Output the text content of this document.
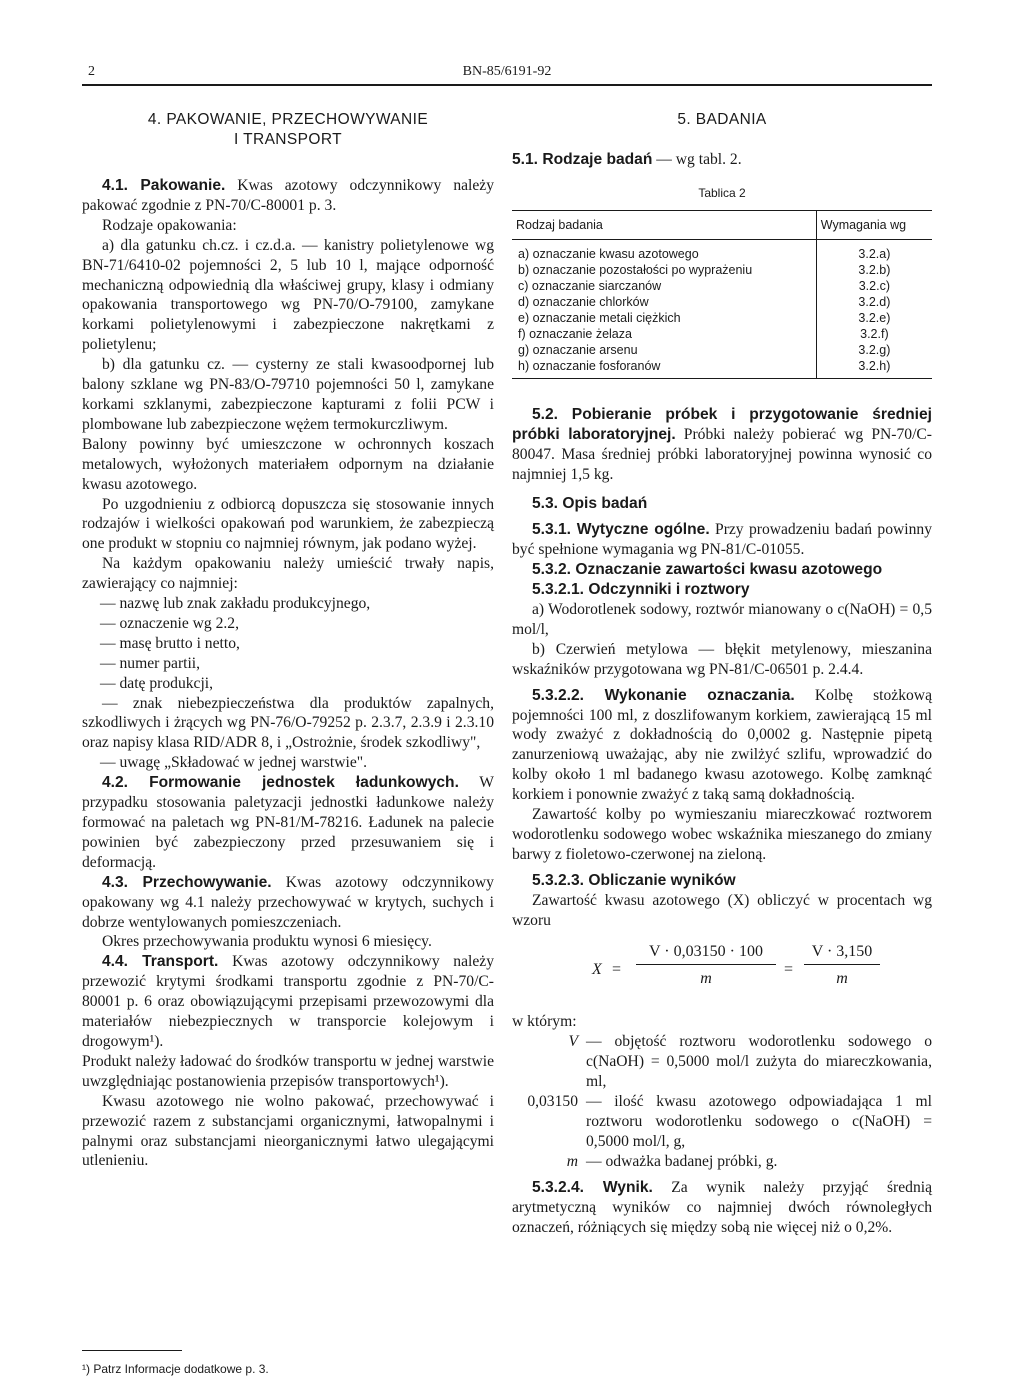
2	BN-85/6191-92
4. PAKOWANIE, PRZECHOWYWANIE
I TRANSPORT

4.1. Pakowanie. Kwas azotowy odczynnikowy należy pakować zgodnie z PN-70/C-80001 p. 3.

Rodzaje opakowania:

a) dla gatunku ch.cz. i cz.d.a. — kanistry polietylenowe wg BN-71/6410-02 pojemności 2, 5 lub 10 l, mające odporność mechaniczną odpowiednią dla właściwej grupy, klasy i odmiany opakowania transportowego wg PN-70/O-79100, zamykane korkami polietylenowymi i zabezpieczone nakrętkami z polietylenu;

b) dla gatunku cz. — cysterny ze stali kwasoodpornej lub balony szklane wg PN-83/O-79710 pojemności 50 l, zamykane korkami szklanymi, zabezpieczone kapturami z folii PCW i plombowane lub zabezpieczone wężem termokurczliwym.

Balony powinny być umieszczone w ochronnych koszach metalowych, wyłożonych materiałem odpornym na działanie kwasu azotowego.

Po uzgodnieniu z odbiorcą dopuszcza się stosowanie innych rodzajów i wielkości opakowań pod warunkiem, że zabezpieczą one produkt w stopniu co najmniej równym, jak podano wyżej.

Na każdym opakowaniu należy umieścić trwały napis, zawierający co najmniej:

— nazwę lub znak zakładu produkcyjnego,

— oznaczenie wg 2.2,

— masę brutto i netto,

— numer partii,

— datę produkcji,

— znak niebezpieczeństwa dla produktów zapalnych, szkodliwych i żrących wg PN-76/O-79252 p. 2.3.7, 2.3.9 i 2.3.10 oraz napisy klasa RID/ADR 8, i „Ostrożnie, środek szkodliwy",

— uwagę „Składować w jednej warstwie".

4.2. Formowanie jednostek ładunkowych. W przypadku stosowania paletyzacji jednostki ładunkowe należy formować na paletach wg PN-81/M-78216. Ładunek na palecie powinien być zabezpieczony przed przesuwaniem się i deformacją.

4.3. Przechowywanie. Kwas azotowy odczynnikowy opakowany wg 4.1 należy przechowywać w krytych, suchych i dobrze wentylowanych pomieszczeniach.

Okres przechowywania produktu wynosi 6 miesięcy.

4.4. Transport. Kwas azotowy odczynnikowy należy przewozić krytymi środkami transportu zgodnie z PN-70/C-80001 p. 6 oraz obowiązującymi przepisami przewozowymi dla materiałów niebezpiecznych w transporcie kolejowym i drogowym¹).

Produkt należy ładować do środków transportu w jednej warstwie uwzględniając postanowienia przepisów transportowych¹).

Kwasu azotowego nie wolno pakować, przechowywać i przewozić razem z substancjami organicznymi, łatwopalnymi i palnymi oraz substancjami nieorganicznymi łatwo ulegającymi utlenieniu.

5. BADANIA

5.1. Rodzaje badań — wg tabl. 2.

Tablica 2

Rodzaj badania	Wymagania wg
a) oznaczanie kwasu azotowego	3.2.a)
b) oznaczanie pozostałości po wyprażeniu	3.2.b)
c) oznaczanie siarczanów	3.2.c)
d) oznaczanie chlorków	3.2.d)
e) oznaczanie metali ciężkich	3.2.e)
f) oznaczanie żelaza	3.2.f)
g) oznaczanie arsenu	3.2.g)
h) oznaczanie fosforanów	3.2.h)

5.2. Pobieranie próbek i przygotowanie średniej próbki laboratoryjnej. Próbki należy pobierać wg PN-70/C-80047. Masa średniej próbki laboratoryjnej powinna wynosić co najmniej 1,5 kg.

5.3. Opis badań

5.3.1. Wytyczne ogólne. Przy prowadzeniu badań powinny być spełnione wymagania wg PN-81/C-01055.

5.3.2. Oznaczanie zawartości kwasu azotowego

5.3.2.1. Odczynniki i roztwory

a) Wodorotlenek sodowy, roztwór mianowany o c(NaOH) = 0,5 mol/l,

b) Czerwień metylowa — błękit metylenowy, mieszanina wskaźników przygotowana wg PN-81/C-06501 p. 2.4.4.

5.3.2.2. Wykonanie oznaczania. Kolbę stożkową pojemności 100 ml, z doszlifowanym korkiem, zawierającą 15 ml wody zważyć z dokładnością do 0,0002 g. Następnie pipetą zanurzeniową uważając, aby nie zwilżyć szlifu, wprowadzić do kolby około 1 ml badanego kwasu azotowego. Kolbę zamknąć korkiem i ponownie zważyć z taką samą dokładnością.

Zawartość kolby po wymieszaniu miareczkować roztworem wodorotlenku sodowego wobec wskaźnika mieszanego do zmiany barwy z fioletowo-czerwonej na zieloną.

5.3.2.3. Obliczanie wyników

Zawartość kwasu azotowego (X) obliczyć w procentach wg wzoru

$X = \frac{V \cdot 0,03150 \cdot 100}{m} = \frac{V \cdot 3,150}{m}$

w którym:

V — objętość roztworu wodorotlenku sodowego o c(NaOH) = 0,5000 mol/l zużyta do miareczkowania, ml,
0,03150 — ilość kwasu azotowego odpowiadająca 1 ml roztworu wodorotlenku sodowego o c(NaOH) = 0,5000 mol/l, g,
m — odważka badanej próbki, g.

5.3.2.4. Wynik. Za wynik należy przyjąć średnią arytmetyczną wyników co najmniej dwóch równoległych oznaczeń, różniących się między sobą nie więcej niż o 0,2%.

¹) Patrz Informacje dodatkowe p. 3.
